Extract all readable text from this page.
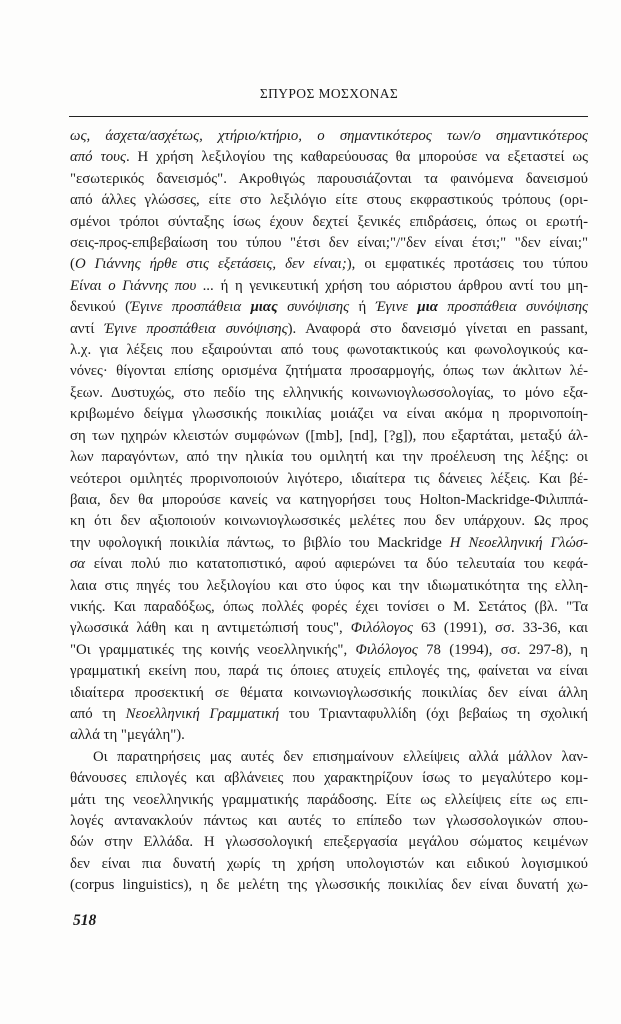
ΣΠΥΡΟΣ ΜΟΣΧΟΝΑΣ
ως, άσχετα/ασχέτως, χτήριο/κτήριο, ο σημαντικότερος των/ο σημαντικότερος
από τους. Η χρήση λεξιλογίου της καθαρεύουσας θα μπορούσε να εξεταστεί ως
"εσωτερικός δανεισμός". Ακροθιγώς παρουσιάζονται τα φαινόμενα δανεισμού
από άλλες γλώσσες, είτε στο λεξιλόγιο είτε στους εκφραστικούς τρόπους (ορι-
σμένοι τρόποι σύνταξης ίσως έχουν δεχτεί ξενικές επιδράσεις, όπως οι ερωτή-
σεις-προς-επιβεβαίωση του τύπου "έτσι δεν είναι;"/"δεν είναι έτσι;" "δεν είναι;"
(Ο Γιάννης ήρθε στις εξετάσεις, δεν είναι;), οι εμφατικές προτάσεις του τύπου
Είναι ο Γιάννης που ... ή η γενικευτική χρήση του αόριστου άρθρου αντί του μη-
δενικού (Έγινε προσπάθεια μιας συνόψισης ή Έγινε μια προσπάθεια συνόψισης
αντί Έγινε προσπάθεια συνόψισης). Αναφορά στο δανεισμό γίνεται en passant,
λ.χ. για λέξεις που εξαιρούνται από τους φωνοτακτικούς και φωνολογικούς κα-
νόνες· θίγονται επίσης ορισμένα ζητήματα προσαρμογής, όπως των άκλιτων λέ-
ξεων. Δυστυχώς, στο πεδίο της ελληνικής κοινωνιογλωσσολογίας, το μόνο εξα-
κριβωμένο δείγμα γλωσσικής ποικιλίας μοιάζει να είναι ακόμα η προρινοποίη-
ση των ηχηρών κλειστών συμφώνων ([mb], [nd], [?g]), που εξαρτάται, μεταξύ άλ-
λων παραγόντων, από την ηλικία του ομιλητή και την προέλευση της λέξης: οι
νεότεροι ομιλητές προρινοποιούν λιγότερο, ιδιαίτερα τις δάνειες λέξεις. Και βέ-
βαια, δεν θα μπορούσε κανείς να κατηγορήσει τους Holton-Mackridge-Φιλιππά-
κη ότι δεν αξιοποιούν κοινωνιογλωσσικές μελέτες που δεν υπάρχουν. Ως προς
την υφολογική ποικιλία πάντως, το βιβλίο του Mackridge Η Νεοελληνική Γλώσ-
σα είναι πολύ πιο κατατοπιστικό, αφού αφιερώνει τα δύο τελευταία του κεφά-
λαια στις πηγές του λεξιλογίου και στο ύφος και την ιδιωματικότητα της ελλη-
νικής. Και παραδόξως, όπως πολλές φορές έχει τονίσει ο Μ. Σετάτος (βλ. "Τα
γλωσσικά λάθη και η αντιμετώπισή τους", Φιλόλογος 63 (1991), σσ. 33-36, και
"Οι γραμματικές της κοινής νεοελληνικής", Φιλόλογος 78 (1994), σσ. 297-8), η
γραμματική εκείνη που, παρά τις όποιες ατυχείς επιλογές της, φαίνεται να είναι
ιδιαίτερα προσεκτική σε θέματα κοινωνιογλωσσικής ποικιλίας δεν είναι άλλη
από τη Νεοελληνική Γραμματική του Τριανταφυλλίδη (όχι βεβαίως τη σχολική
αλλά τη "μεγάλη").
Οι παρατηρήσεις μας αυτές δεν επισημαίνουν ελλείψεις αλλά μάλλον λαν-
θάνουσες επιλογές και αβλάνειες που χαρακτηρίζουν ίσως το μεγαλύτερο κομ-
μάτι της νεοελληνικής γραμματικής παράδοσης. Είτε ως ελλείψεις είτε ως επι-
λογές αντανακλούν πάντως και αυτές το επίπεδο των γλωσσολογικών σπου-
δών στην Ελλάδα. Η γλωσσολογική επεξεργασία μεγάλου σώματος κειμένων
δεν είναι πια δυνατή χωρίς τη χρήση υπολογιστών και ειδικού λογισμικού
(corpus linguistics), η δε μελέτη της γλωσσικής ποικιλίας δεν είναι δυνατή χω-
518
